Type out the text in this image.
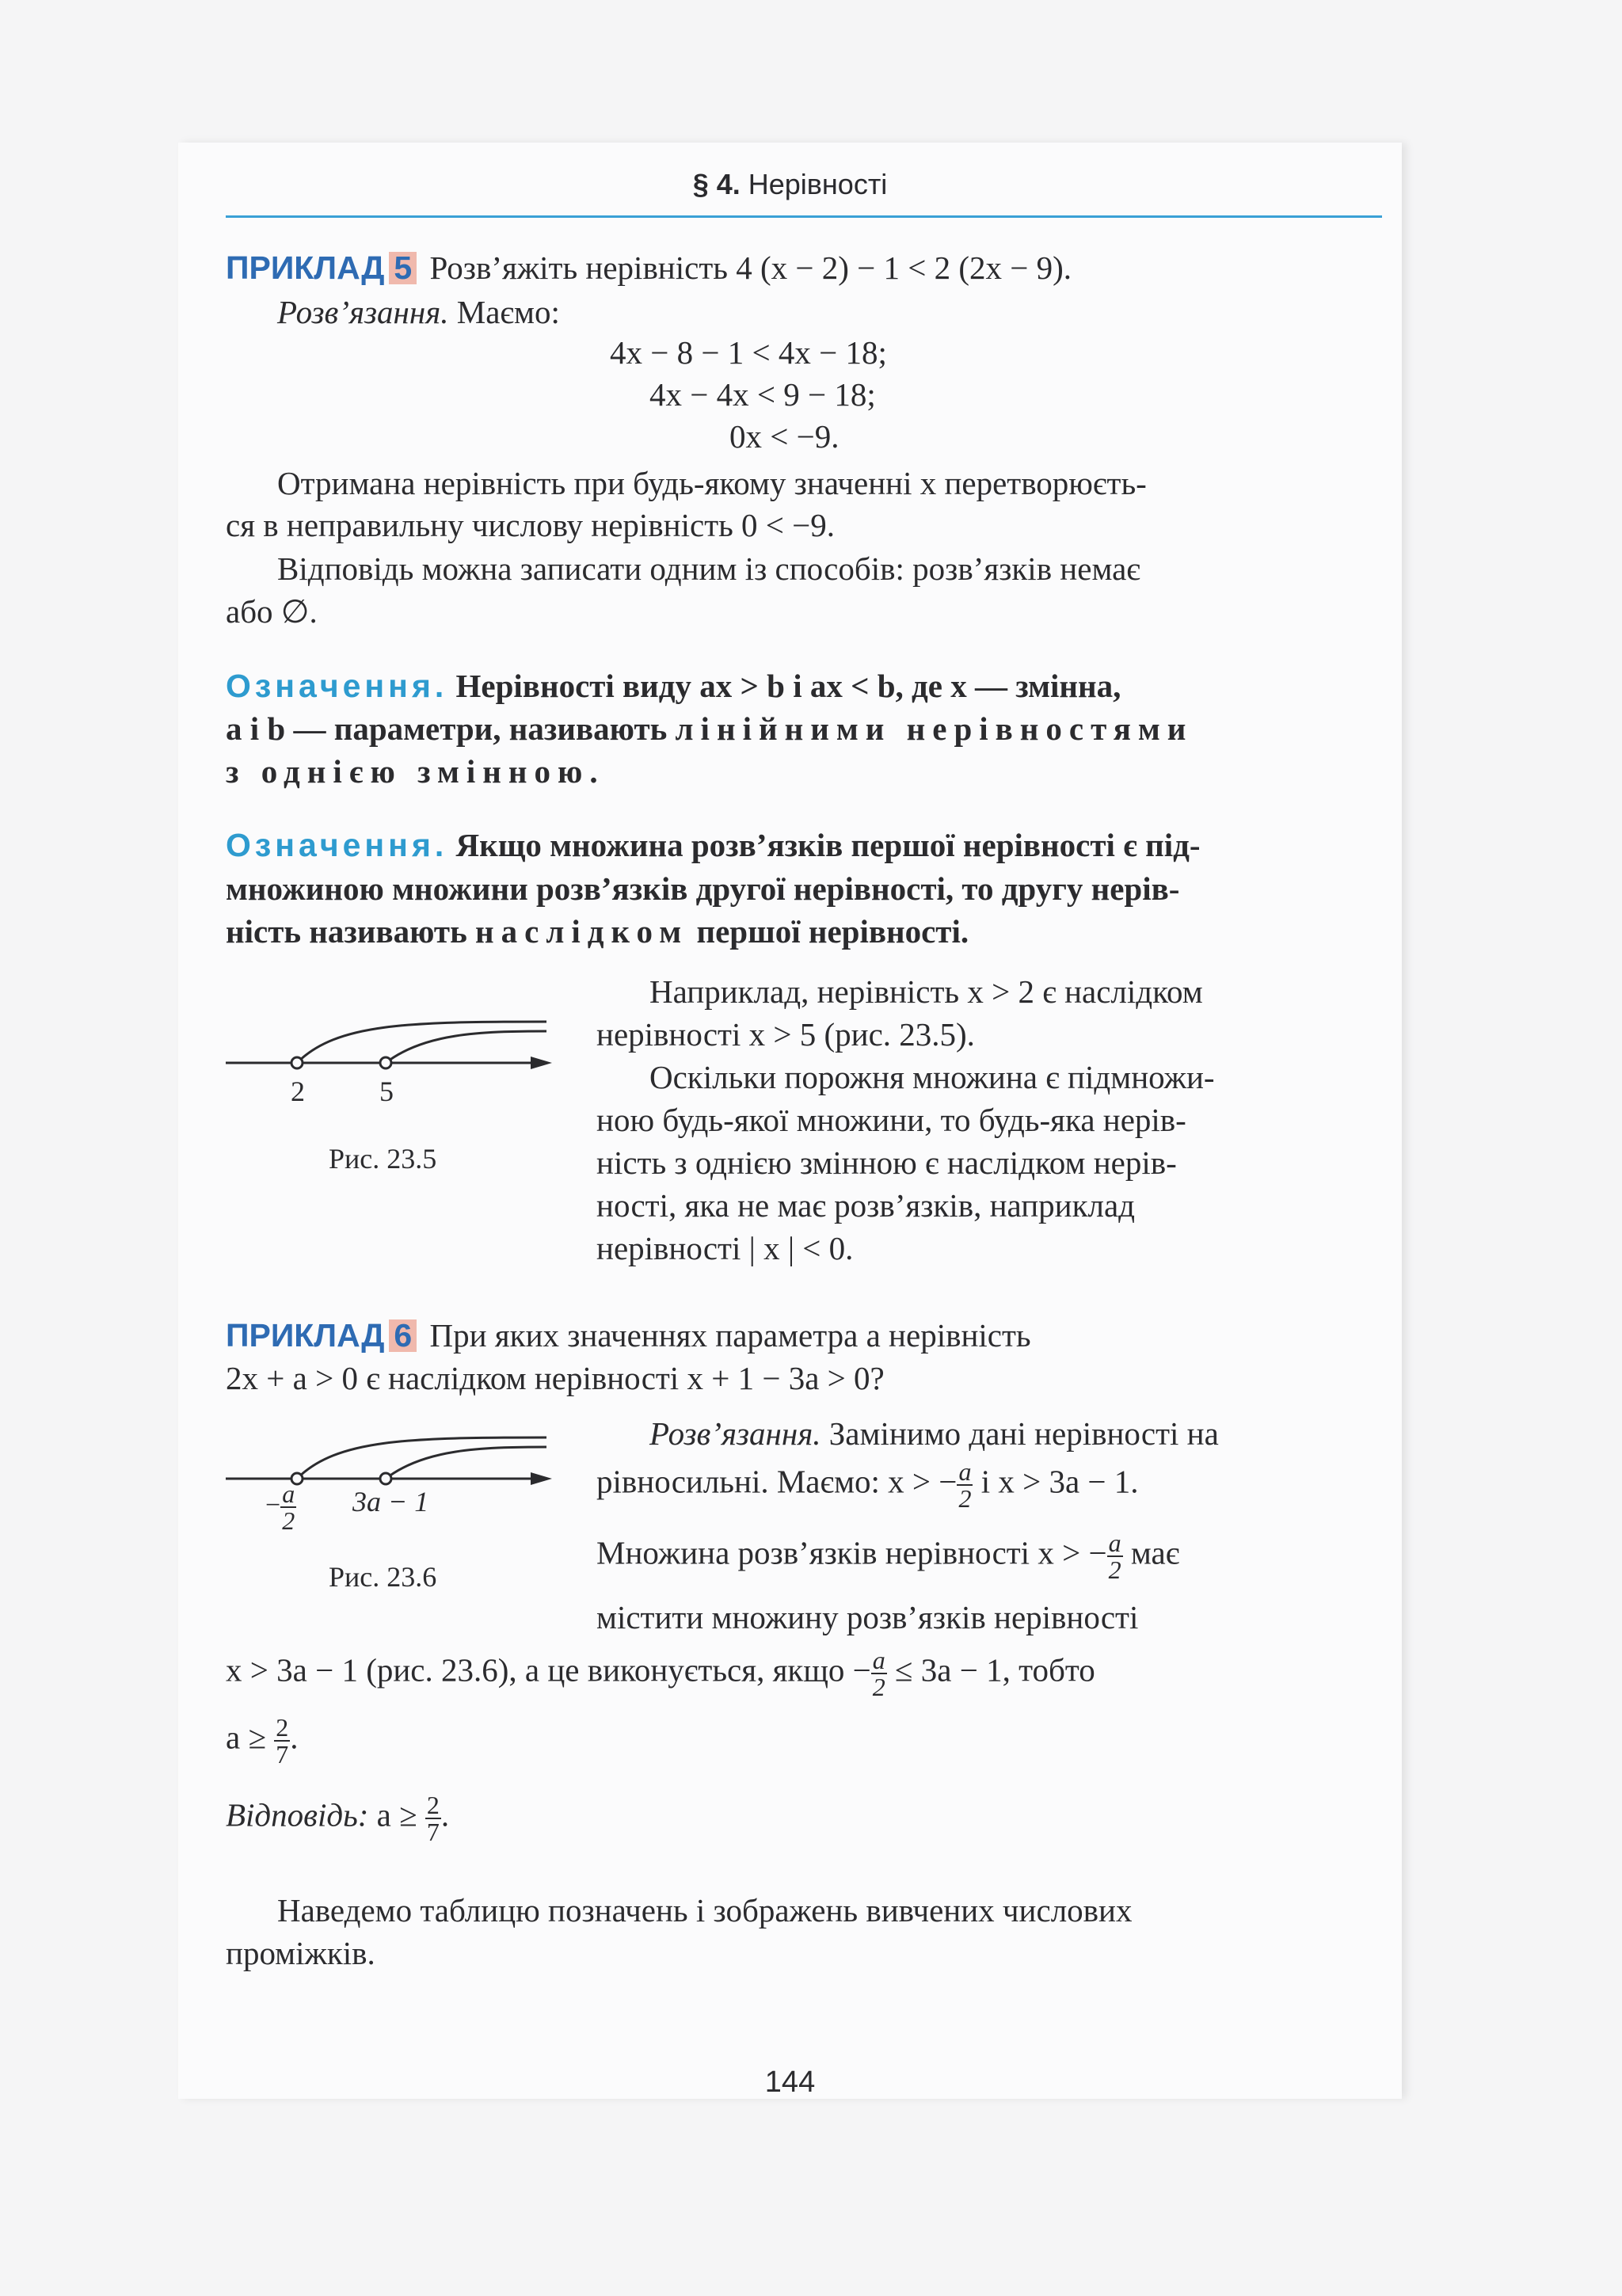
§ 4. Нерівності
ПРИКЛАД 5 Розв’яжіть нерівність 4 (x − 2) − 1 < 2 (2x − 9).
Розв’язання. Маємо:
4x − 8 − 1 < 4x − 18;
4x − 4x < 9 − 18;
0x < −9.
Отримана нерівність при будь-якому значенні x перетворюєть-
ся в неправильну числову нерівність 0 < −9.
Відповідь можна записати одним із способів: розв’язків немає
або ∅.
Означення. Нерівності виду ax > b і ax < b, де x — змінна,
a і b — параметри, називають лінійними нерівностями
з однією змінною.
Означення. Якщо множина розв’язків першої нерівності є під-
множиною множини розв’язків другої нерівності, то другу нерів-
ність називають наслідком першої нерівності.
2	5
Рис. 23.5
Наприклад, нерівність x > 2 є наслідком
нерівності x > 5 (рис. 23.5).
Оскільки порожня множина є підмножи-
ною будь-якої множини, то будь-яка нерів-
ність з однією змінною є наслідком нерів-
ності, яка не має розв’язків, наприклад
нерівності | x | < 0.
ПРИКЛАД 6 При яких значеннях параметра a нерівність
2x + a > 0 є наслідком нерівності x + 1 − 3a > 0?
− $\frac{a}{2} 3a - 1$
Рис. 23.6
Розв’язання. Замінимо дані нерівності на
рівносильні. Маємо: x > − $\frac{a}{2}$ і x > 3a − 1.
Множина розв’язків нерівності x > − $\frac{a}{2}$ має
містити множину розв’язків нерівності
x > 3a − 1 (рис. 23.6), а це виконується, якщо − $\frac{a}{2} \le 3a - 1$, тобто
$a \ge \frac{2}{7}$ .
Відповідь: $a \ge \frac{2}{7}$ .
Наведемо таблицю позначень і зображень вивчених числових
проміжків.
144
